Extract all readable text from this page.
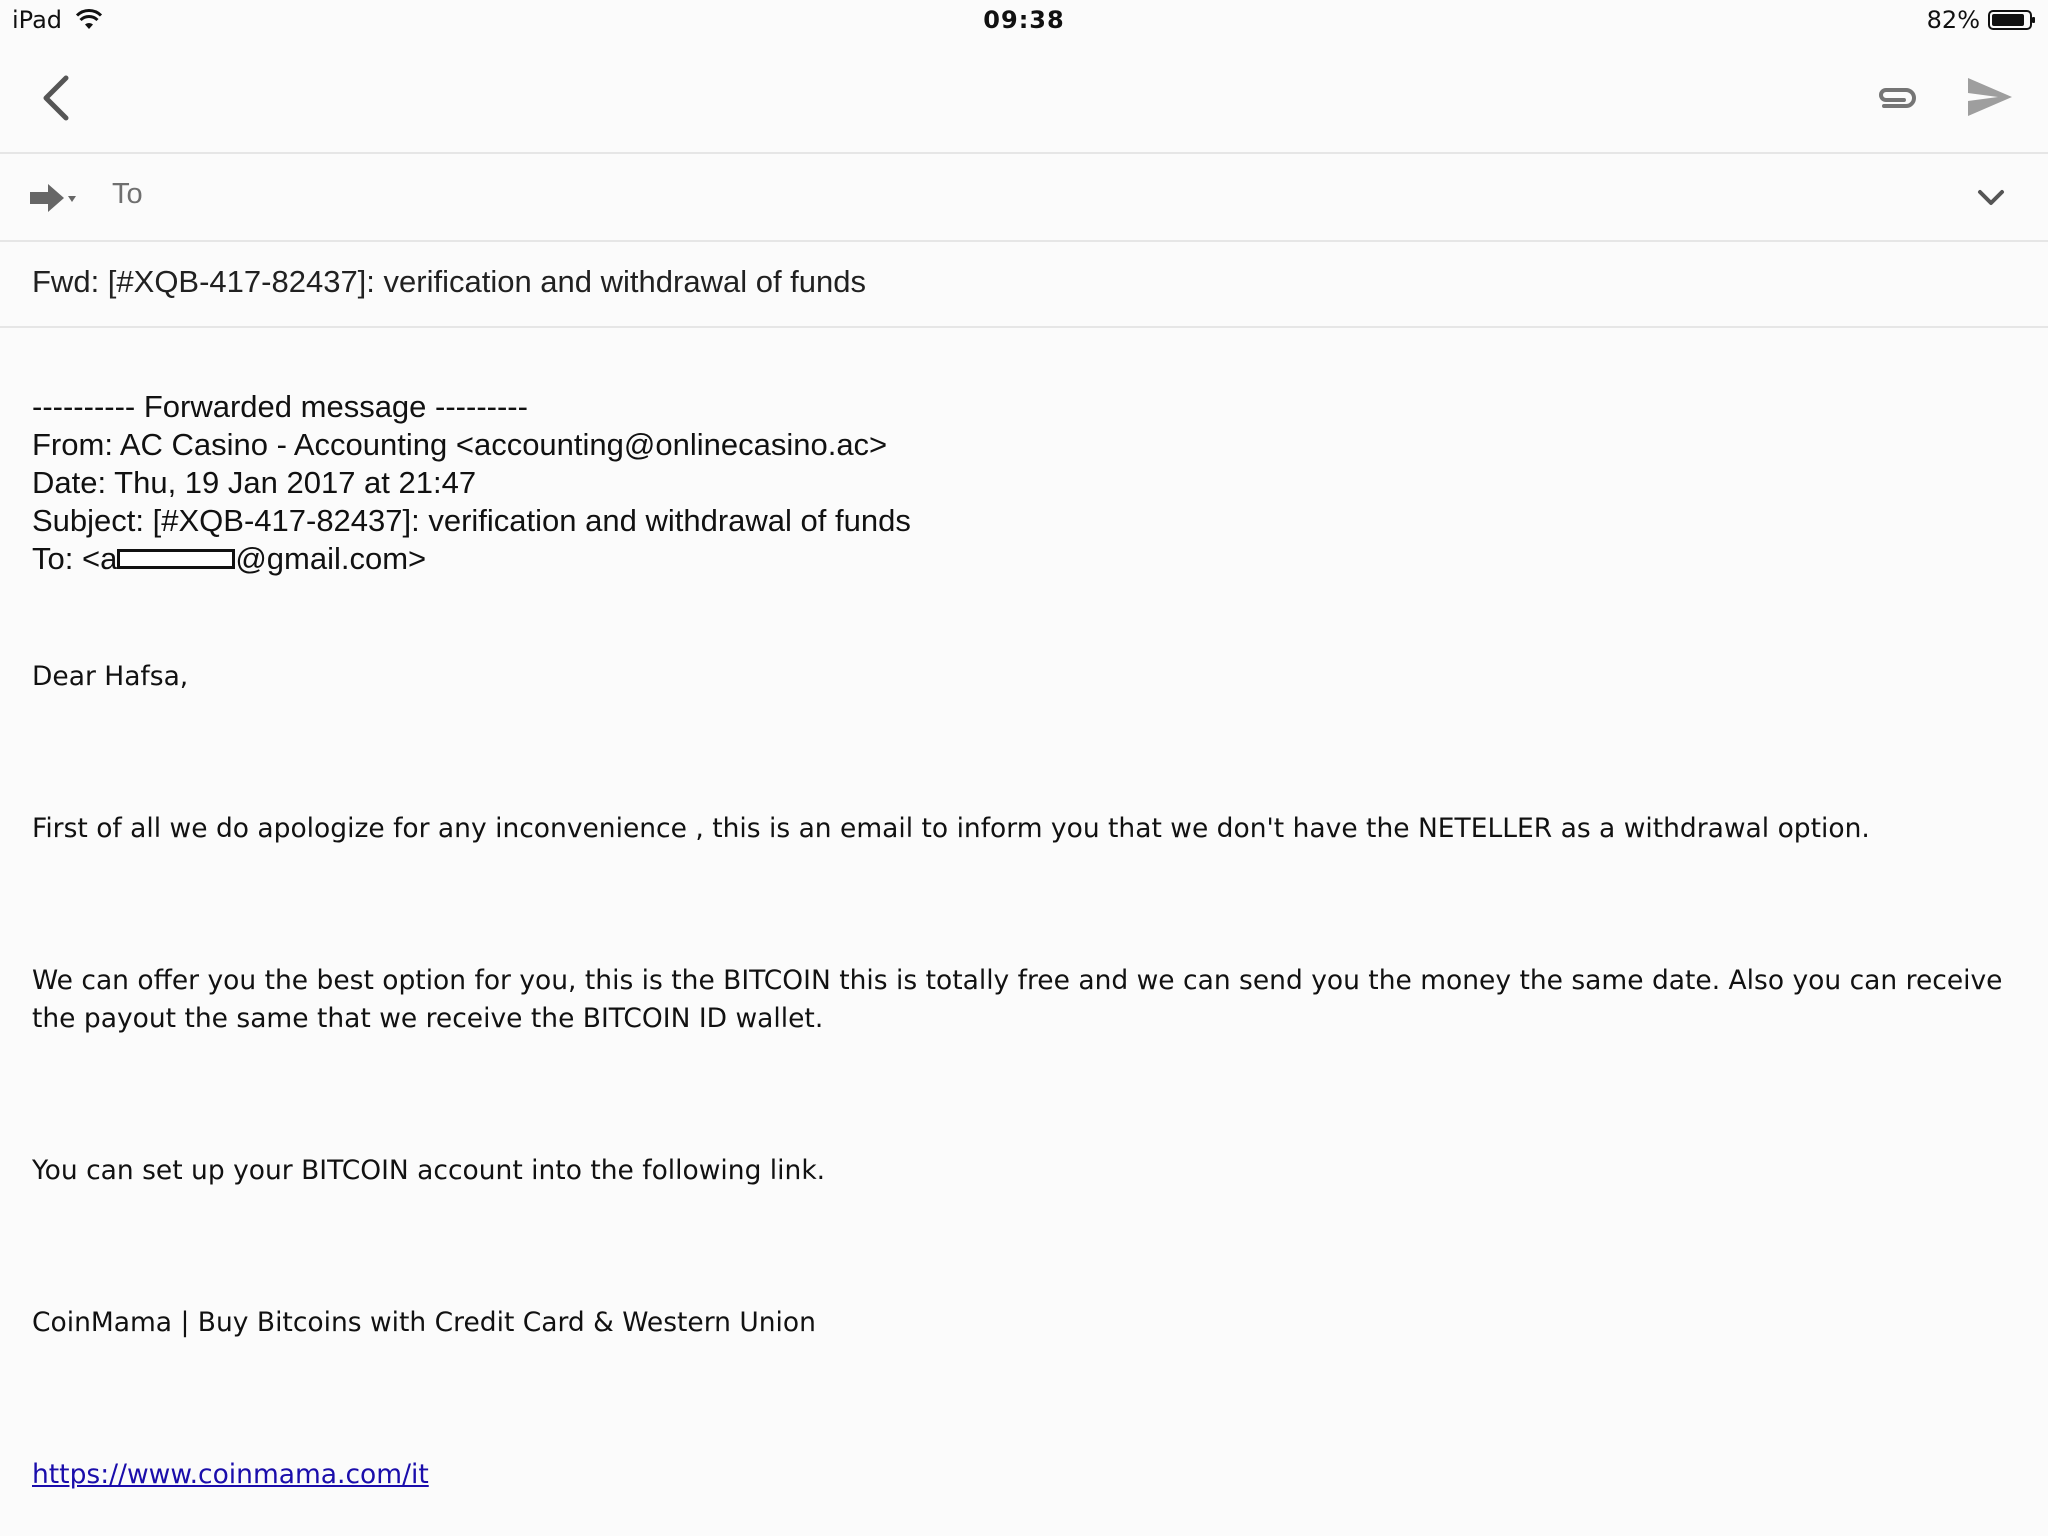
iPad	09:38	82%
To
Fwd: [#XQB-417-82437]: verification and withdrawal of funds
---------- Forwarded message ---------
From: AC Casino - Accounting <accounting@onlinecasino.ac>
Date: Thu, 19 Jan 2017 at 21:47
Subject: [#XQB-417-82437]: verification and withdrawal of funds
To: <a	@gmail.com>
Dear Hafsa,
First of all we do apologize for any inconvenience , this is an email to inform you that we don't have the NETELLER as a withdrawal option.
We can offer you the best option for you, this is the BITCOIN this is totally free and we can send you the money the same date. Also you can receive the payout the same that we receive the BITCOIN ID wallet.
You can set up your BITCOIN account into the following link.
CoinMama | Buy Bitcoins with Credit Card & Western Union
https://www.coinmama.com/it
